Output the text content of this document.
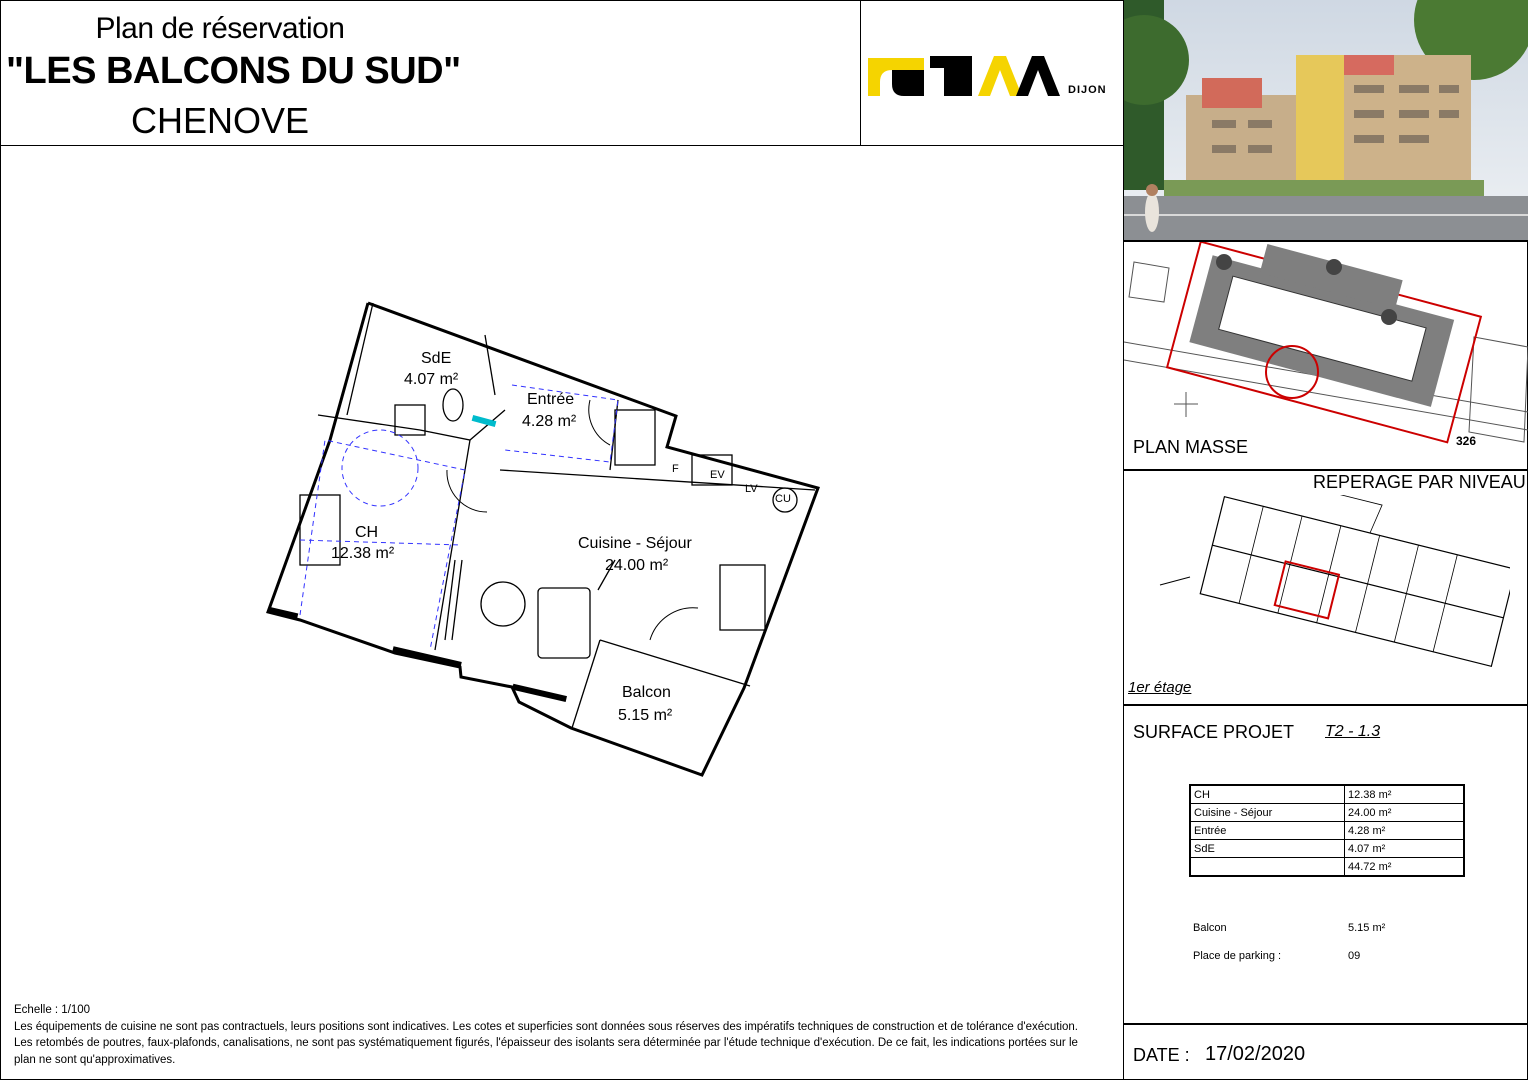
Plan de réservation
"LES BALCONS DU SUD"
CHENOVE
DIJON
PLAN MASSE	326
REPERAGE PAR NIVEAU
1er étage
SURFACE PROJET T2 - 1.3
CH	12.38 m²
Cuisine - Séjour	24.00 m²
Entrée	4.28 m²
SdE	4.07 m²
	44.72 m²
Balcon	5.15 m²
Place de parking :	09
DATE : 17/02/2020
SdE
4.07 m²
Entrée
4.28 m²
CH
12.38 m²
Cuisine - Séjour
24.00 m²
Balcon
5.15 m²
F	EV
LV
CU
Echelle : 1/100
Les équipements de cuisine ne sont pas contractuels, leurs positions sont indicatives. Les cotes et superficies sont données sous réserves des impératifs techniques de construction et de tolérance d'exécution. Les retombés de poutres, faux-plafonds, canalisations, ne sont pas systématiquement figurés, l'épaisseur des isolants sera déterminée par l'étude technique d'exécution. De ce fait, les indications portées sur le plan ne sont qu'approximatives.
